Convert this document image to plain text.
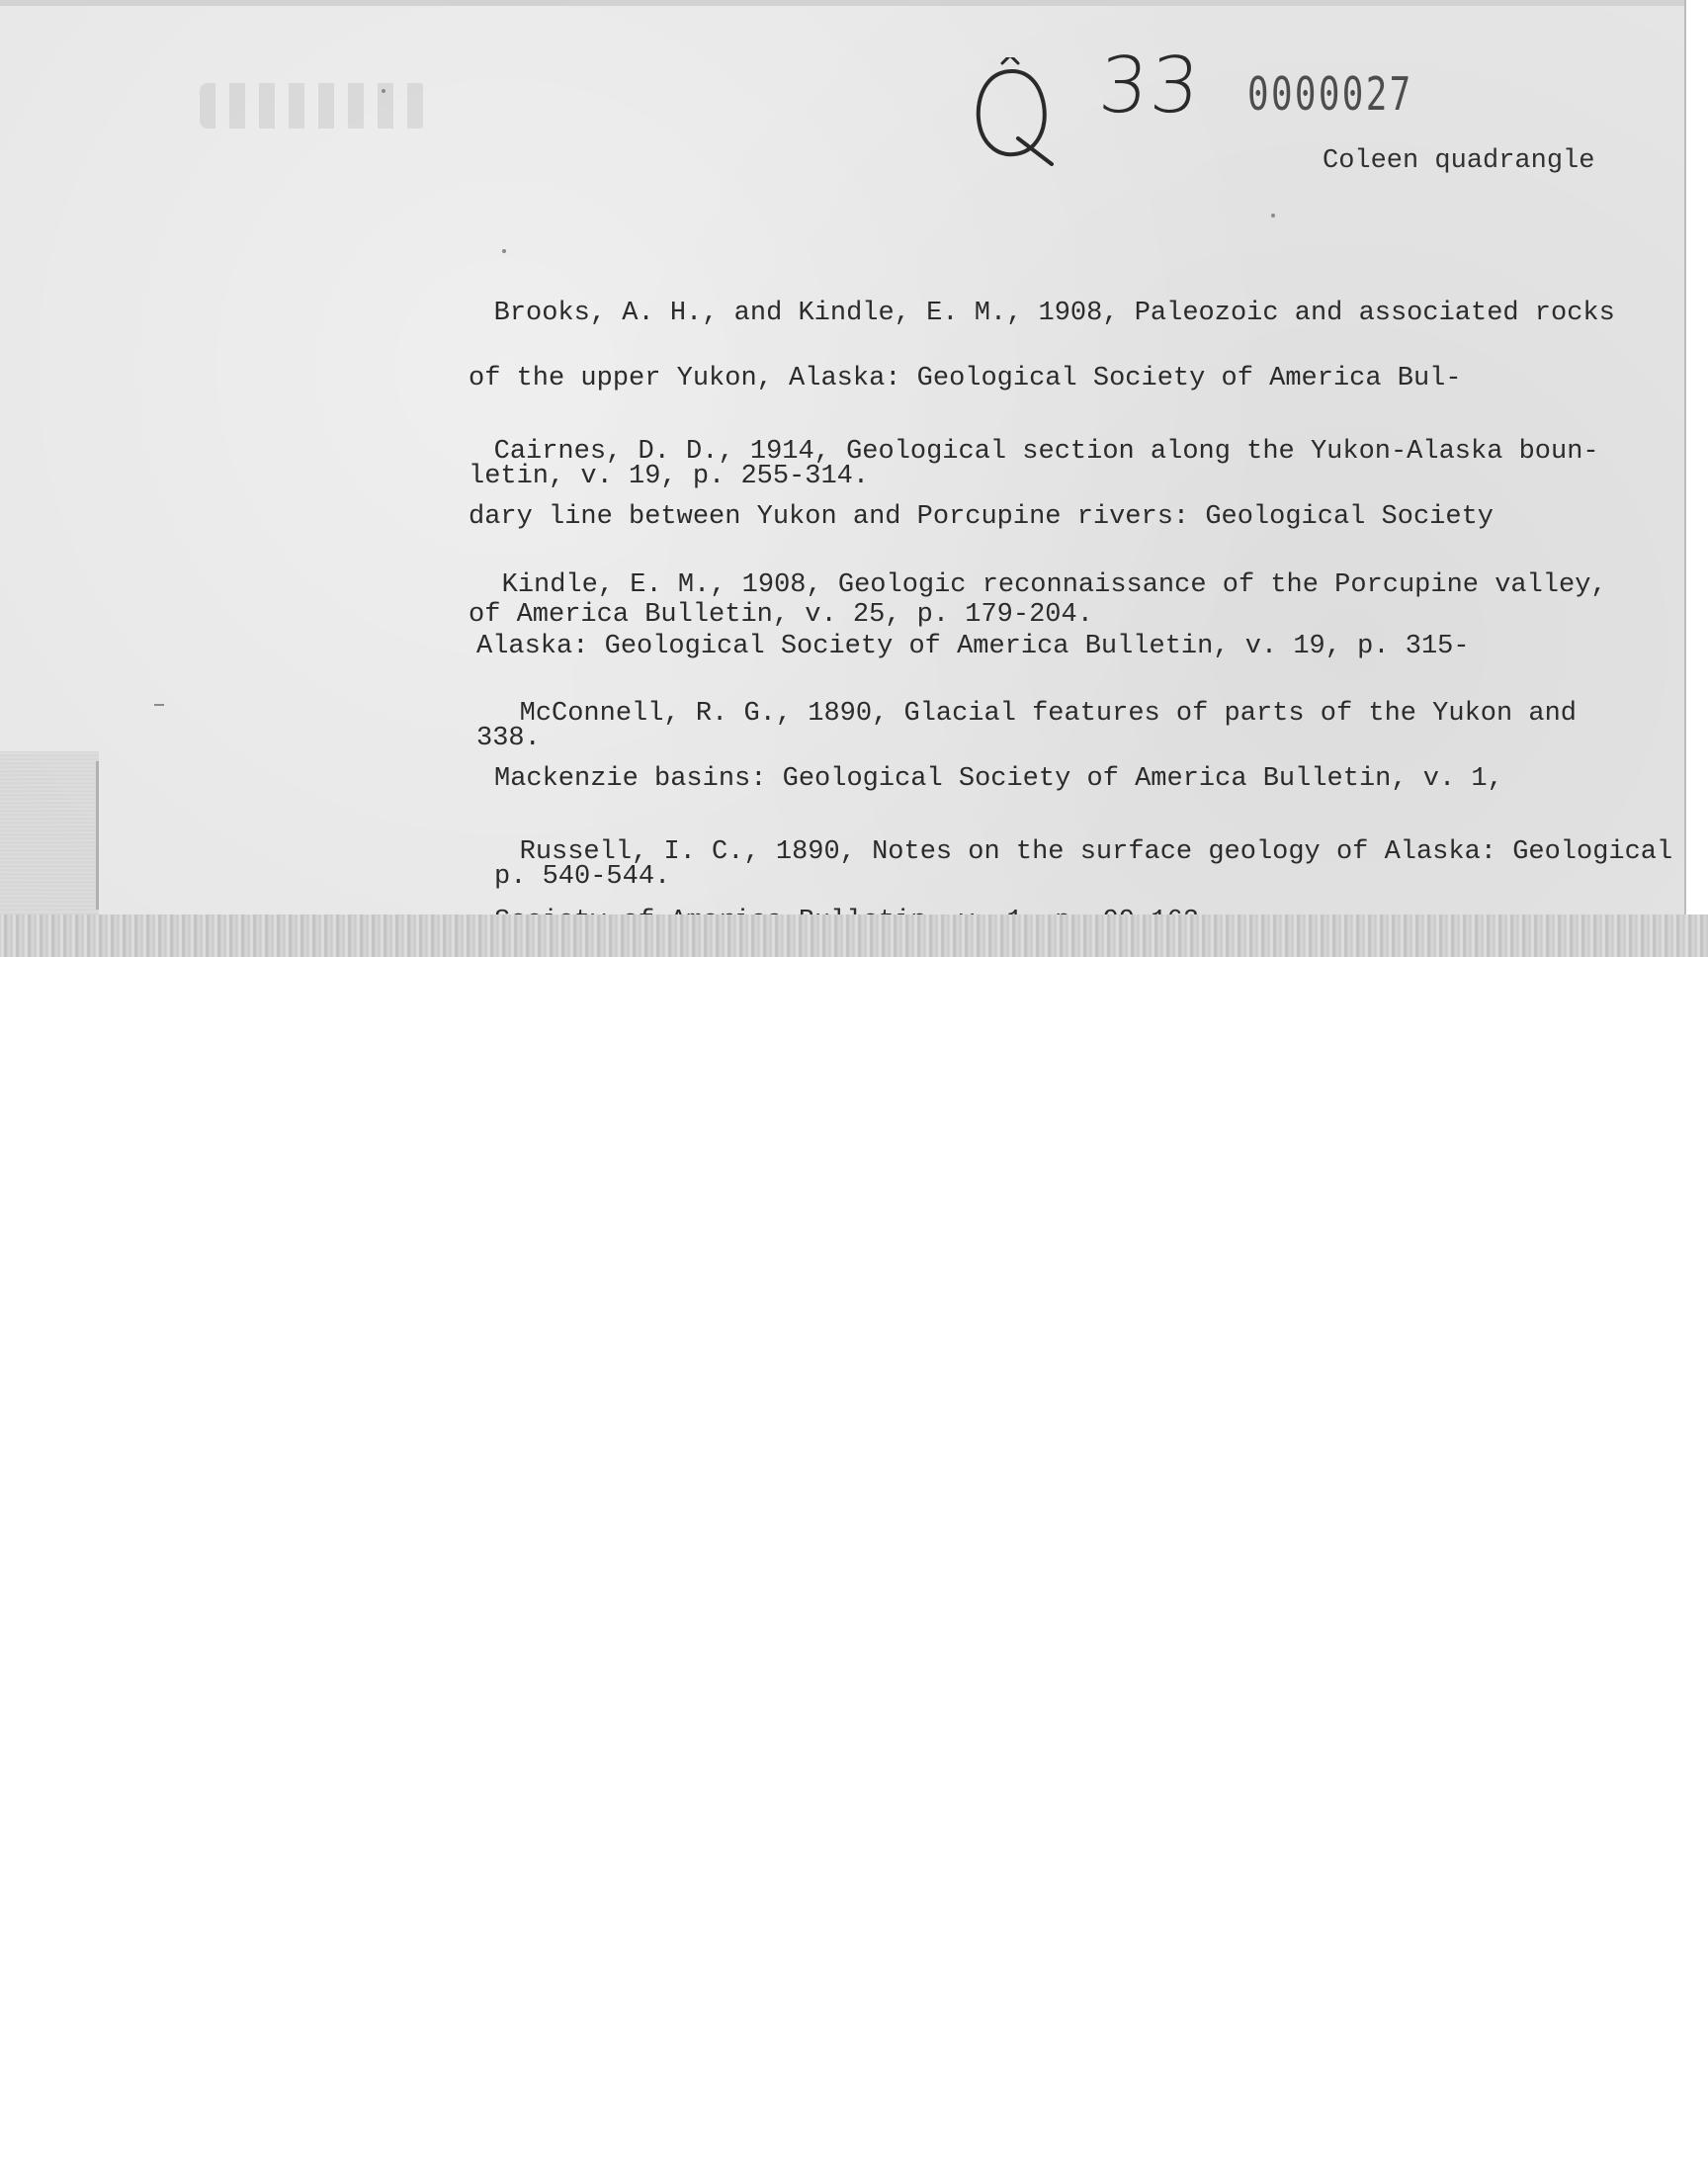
33 0000027
Coleen quadrangle

Brooks, A. H., and Kindle, E. M., 1908, Paleozoic and associated rocks

of the upper Yukon, Alaska: Geological Society of America Bul-

letin, v. 19, p. 255-314.

Cairnes, D. D., 1914, Geological section along the Yukon-Alaska boun-

dary line between Yukon and Porcupine rivers: Geological Society

of America Bulletin, v. 25, p. 179-204.

Kindle, E. M., 1908, Geologic reconnaissance of the Porcupine valley,

Alaska: Geological Society of America Bulletin, v. 19, p. 315-

338.

McConnell, R. G., 1890, Glacial features of parts of the Yukon and

Mackenzie basins: Geological Society of America Bulletin, v. 1,

p. 540-544.

Russell, I. C., 1890, Notes on the surface geology of Alaska: Geological
